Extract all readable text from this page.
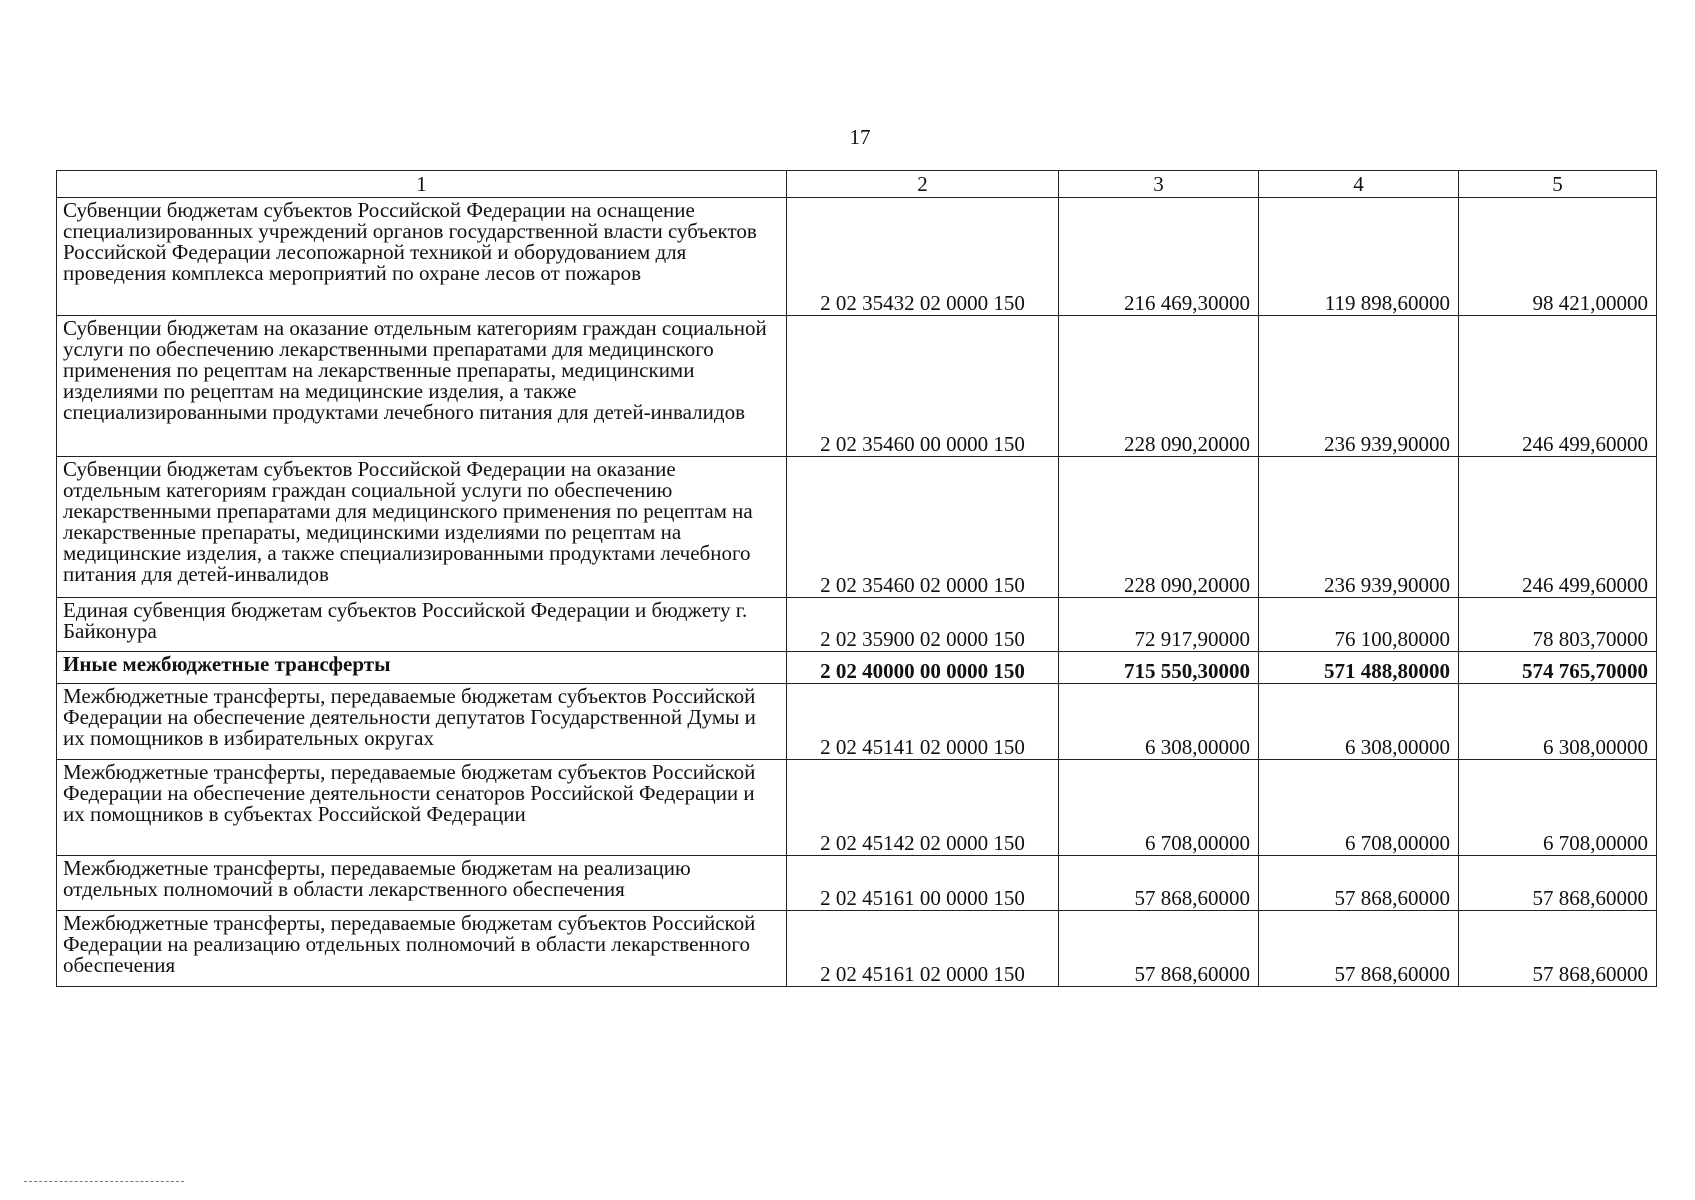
17
1	2	3	4	5
Субвенции бюджетам субъектов Российской Федерации на оснащение специализированных учреждений органов государственной власти субъектов Российской Федерации лесопожарной техникой и оборудованием для проведения комплекса мероприятий по охране лесов от пожаров	2 02 35432 02 0000 150	216 469,30000	119 898,60000	98 421,00000
Субвенции бюджетам на оказание отдельным категориям граждан социальной услуги по обеспечению лекарственными препаратами для медицинского применения по рецептам на лекарственные препараты, медицинскими изделиями по рецептам на медицинские изделия, а также специализированными продуктами лечебного питания для детей-инвалидов	2 02 35460 00 0000 150	228 090,20000	236 939,90000	246 499,60000
Субвенции бюджетам субъектов Российской Федерации на оказание отдельным категориям граждан социальной услуги по обеспечению лекарственными препаратами для медицинского применения по рецептам на лекарственные препараты, медицинскими изделиями по рецептам на медицинские изделия, а также специализированными продуктами лечебного питания для детей-инвалидов	2 02 35460 02 0000 150	228 090,20000	236 939,90000	246 499,60000
Единая субвенция бюджетам субъектов Российской Федерации и бюджету г. Байконура	2 02 35900 02 0000 150	72 917,90000	76 100,80000	78 803,70000
Иные межбюджетные трансферты	2 02 40000 00 0000 150	715 550,30000	571 488,80000	574 765,70000
Межбюджетные трансферты, передаваемые бюджетам субъектов Российской Федерации на обеспечение деятельности депутатов Государственной Думы и их помощников в избирательных округах	2 02 45141 02 0000 150	6 308,00000	6 308,00000	6 308,00000
Межбюджетные трансферты, передаваемые бюджетам субъектов Российской Федерации на обеспечение деятельности сенаторов Российской Федерации и их помощников в субъектах Российской Федерации	2 02 45142 02 0000 150	6 708,00000	6 708,00000	6 708,00000
Межбюджетные трансферты, передаваемые бюджетам на реализацию отдельных полномочий в области лекарственного обеспечения	2 02 45161 00 0000 150	57 868,60000	57 868,60000	57 868,60000
Межбюджетные трансферты, передаваемые бюджетам субъектов Российской Федерации на реализацию отдельных полномочий в области лекарственного обеспечения	2 02 45161 02 0000 150	57 868,60000	57 868,60000	57 868,60000
